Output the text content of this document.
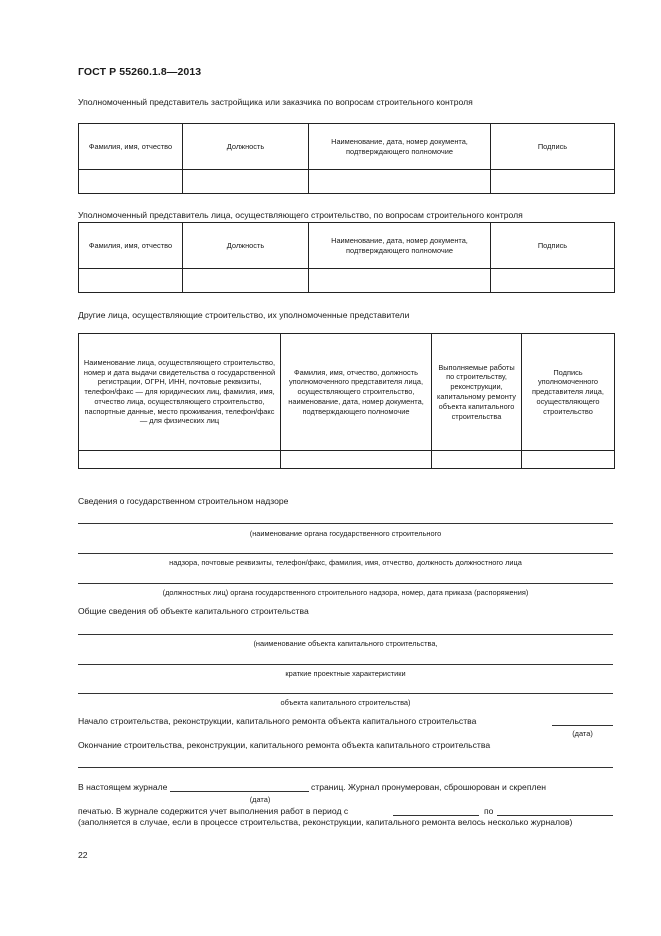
ГОСТ Р 55260.1.8—2013
Уполномоченный представитель застройщика или заказчика по вопросам строительного контроля
Фамилия, имя, отчество	Должность	Наименование, дата, номер документа, подтверждающего полномочие	Подпись

Уполномоченный представитель лица, осуществляющего строительство, по вопросам строительного контроля
Фамилия, имя, отчество	Должность	Наименование, дата, номер документа, подтверждающего полномочие	Подпись

Другие лица, осуществляющие строительство, их уполномоченные представители
Наименование лица, осуществляющего строительство, номер и дата выдачи свидетельства о государственной регистрации, ОГРН, ИНН, почтовые реквизиты, телефон/факс — для юридических лиц, фамилия, имя, отчество лица, осуществляющего строительство, паспортные данные, место проживания, телефон/факс — для физических лиц	Фамилия, имя, отчество, должность уполномоченного представителя лица, осуществляющего строительство, наименование, дата, номер документа, подтверждающего полномочие	Выполняемые работы по строительству, реконструкции, капитальному ремонту объекта капитального строительства	Подпись уполномоченного представителя лица, осуществляющего строительство

Сведения о государственном строительном надзоре
(наименование органа государственного строительного
надзора, почтовые реквизиты, телефон/факс, фамилия, имя, отчество, должность должностного лица
(должностных лиц) органа государственного строительного надзора, номер, дата приказа (распоряжения)
Общие сведения об объекте капитального строительства
(наименование объекта капитального строительства,
краткие проектные характеристики
объекта капитального строительства)
Начало строительства, реконструкции, капитального ремонта объекта капитального строительства
(дата)
Окончание строительства, реконструкции, капитального ремонта объекта капитального строительства
В настоящем журнале	страниц. Журнал пронумерован, сброшюрован и скреплен
(дата)
печатью. В журнале содержится учет выполнения работ в период с	по
(заполняется в случае, если в процессе строительства, реконструкции, капитального ремонта велось несколько журналов)
22
